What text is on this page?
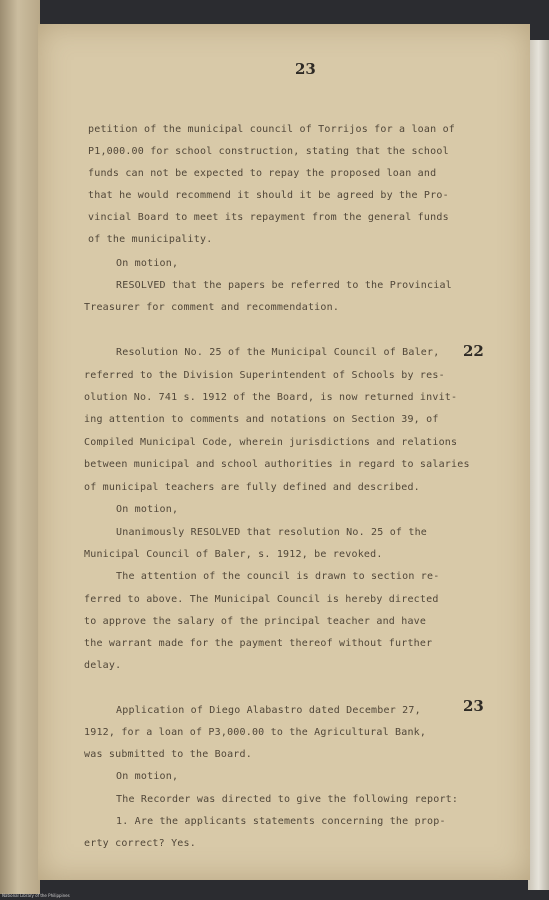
23
22
23
petition of the municipal council of Torrijos for a loan of
P1,000.00 for school construction, stating that the school
funds can not be expected to repay the proposed loan and
that he would recommend it should it be agreed by the Pro-
vincial Board to meet its repayment from the general funds
of the municipality.
On motion,
RESOLVED that the papers be referred to the Provincial
Treasurer for comment and recommendation.
Resolution No. 25 of the Municipal Council of Baler,
referred to the Division Superintendent of Schools by res-
olution No. 741 s. 1912 of the Board, is now returned invit-
ing attention to comments and notations on Section 39, of
Compiled Municipal Code, wherein jurisdictions and relations
between municipal and school authorities in regard to salaries
of municipal teachers are fully defined and described.
On motion,
Unanimously RESOLVED that resolution No. 25 of the
Municipal Council of Baler, s. 1912, be revoked.
The attention of the council is drawn to section re-
ferred to above. The Municipal Council is hereby directed
to approve the salary of the principal teacher and have
the warrant made for the payment thereof without further
delay.
Application of Diego Alabastro dated December 27,
1912, for a loan of P3,000.00 to the Agricultural Bank,
was submitted to the Board.
On motion,
The Recorder was directed to give the following report:
1. Are the applicants statements concerning the prop-
erty correct? Yes.
National Library of the Philippines
